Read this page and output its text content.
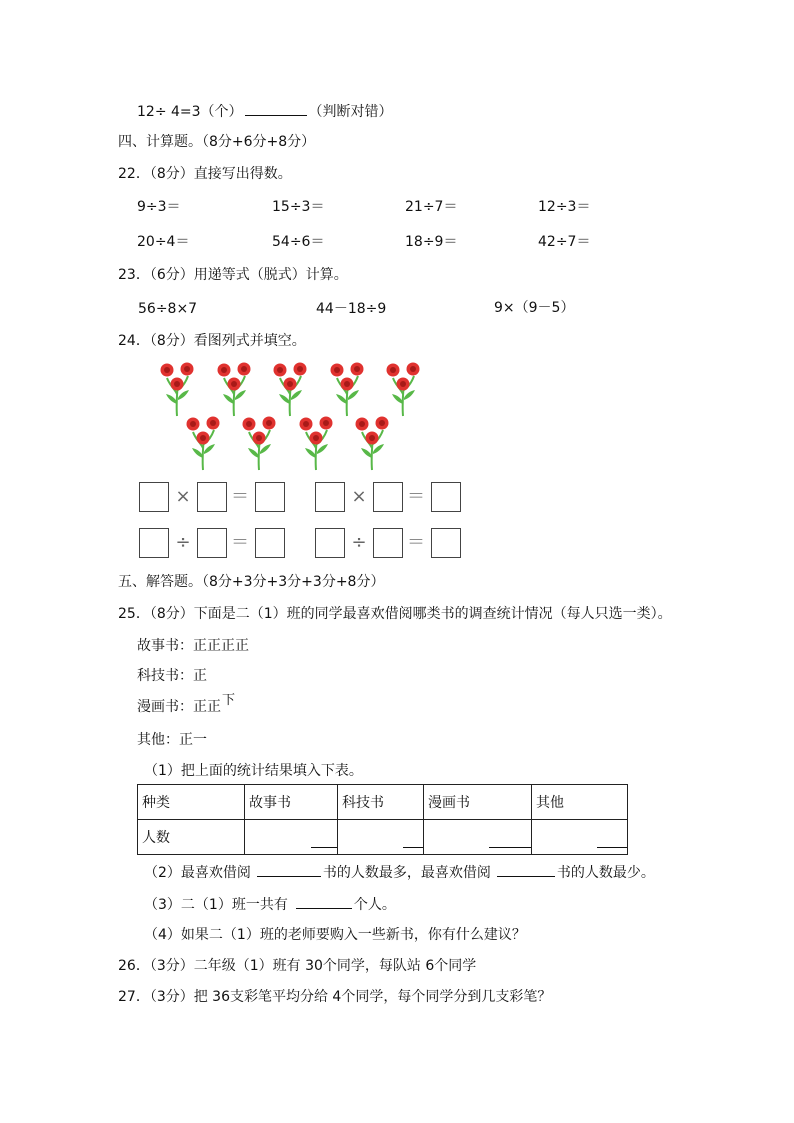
12÷ 4=3（个）	（判断对错）
四、计算题。（8分+6分+8分）
22．（8分）直接写出得数。
9÷3＝	15÷3＝	21÷7＝	12÷3＝
20÷4＝	54÷6＝	18÷9＝	42÷7＝
23．（6分）用递等式（脱式）计算。
56÷8×7	44－18÷9	9×（9－5）
24．（8分）看图列式并填空。
× ＝	× ＝
÷ ＝	÷ ＝
五、解答题。（8分+3分+3分+3分+8分）
25．（8分）下面是二（1）班的同学最喜欢借阅哪类书的调查统计情况（每人只选一类）。
故事书：正正正正
科技书：正
漫画书：正正下
其他：正一
（1）把上面的统计结果填入下表。
种类	故事书	科技书	漫画书	其他
人数	

（2）最喜欢借阅	书的人数最多，最喜欢借阅	书的人数最少。
（3）二（1）班一共有	个人。
（4）如果二（1）班的老师要购入一些新书，你有什么建议？
26．（3分）二年级（1）班有 30个同学，每队站 6个同学
27．（3分）把 36支彩笔平均分给 4个同学，每个同学分到几支彩笔？
